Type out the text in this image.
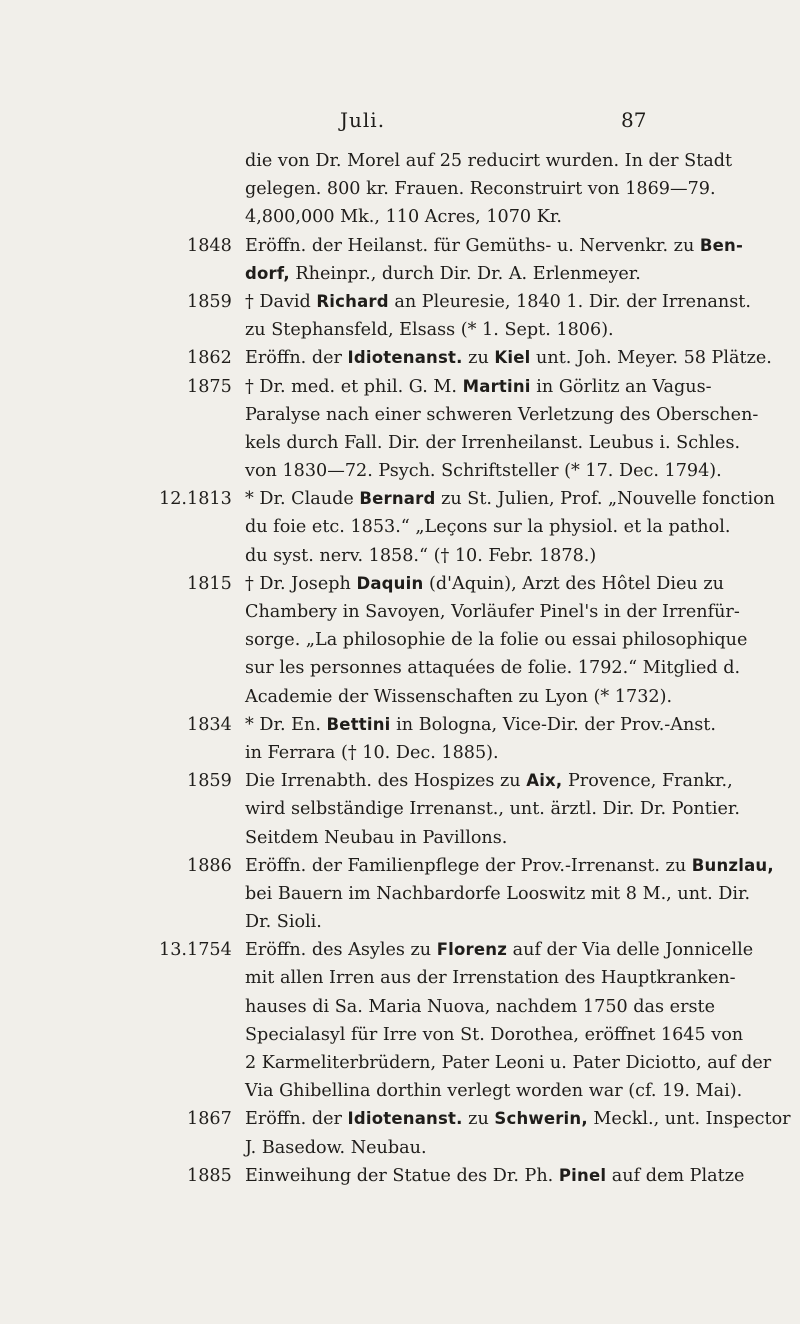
Juli.	87
die von Dr. Morel auf 25 reducirt wurden. In der Stadt
gelegen. 800 kr. Frauen. Reconstruirt von 1869—79.
4,800,000 Mk., 110 Acres, 1070 Kr.
1848 Eröffn. der Heilanst. für Gemüths- u. Nervenkr. zu Ben-
dorf, Rheinpr., durch Dir. Dr. A. Erlenmeyer.
1859 † David Richard an Pleuresie, 1840 1. Dir. der Irrenanst.
zu Stephansfeld, Elsass (* 1. Sept. 1806).
1862 Eröffn. der Idiotenanst. zu Kiel unt. Joh. Meyer. 58 Plätze.
1875 † Dr. med. et phil. G. M. Martini in Görlitz an Vagus-
Paralyse nach einer schweren Verletzung des Oberschen-
kels durch Fall. Dir. der Irrenheilanst. Leubus i. Schles.
von 1830—72. Psych. Schriftsteller (* 17. Dec. 1794).
12. 1813 * Dr. Claude Bernard zu St. Julien, Prof. „Nouvelle fonction
du foie etc. 1853.“ „Leçons sur la physiol. et la pathol.
du syst. nerv. 1858.“ († 10. Febr. 1878.)
1815 † Dr. Joseph Daquin (d'Aquin), Arzt des Hôtel Dieu zu
Chambery in Savoyen, Vorläufer Pinel's in der Irrenfür-
sorge. „La philosophie de la folie ou essai philosophique
sur les personnes attaquées de folie. 1792.“ Mitglied d.
Academie der Wissenschaften zu Lyon (* 1732).
1834 * Dr. En. Bettini in Bologna, Vice-Dir. der Prov.-Anst.
in Ferrara († 10. Dec. 1885).
1859 Die Irrenabth. des Hospizes zu Aix, Provence, Frankr.,
wird selbständige Irrenanst., unt. ärztl. Dir. Dr. Pontier.
Seitdem Neubau in Pavillons.
1886 Eröffn. der Familienpflege der Prov.-Irrenanst. zu Bunzlau,
bei Bauern im Nachbardorfe Looswitz mit 8 M., unt. Dir.
Dr. Sioli.
13. 1754 Eröffn. des Asyles zu Florenz auf der Via delle Jonnicelle
mit allen Irren aus der Irrenstation des Hauptkranken-
hauses di Sa. Maria Nuova, nachdem 1750 das erste
Specialasyl für Irre von St. Dorothea, eröffnet 1645 von
2 Karmeliterbrüdern, Pater Leoni u. Pater Diciotto, auf der
Via Ghibellina dorthin verlegt worden war (cf. 19. Mai).
1867 Eröffn. der Idiotenanst. zu Schwerin, Meckl., unt. Inspector
J. Basedow. Neubau.
1885 Einweihung der Statue des Dr. Ph. Pinel auf dem Platze
